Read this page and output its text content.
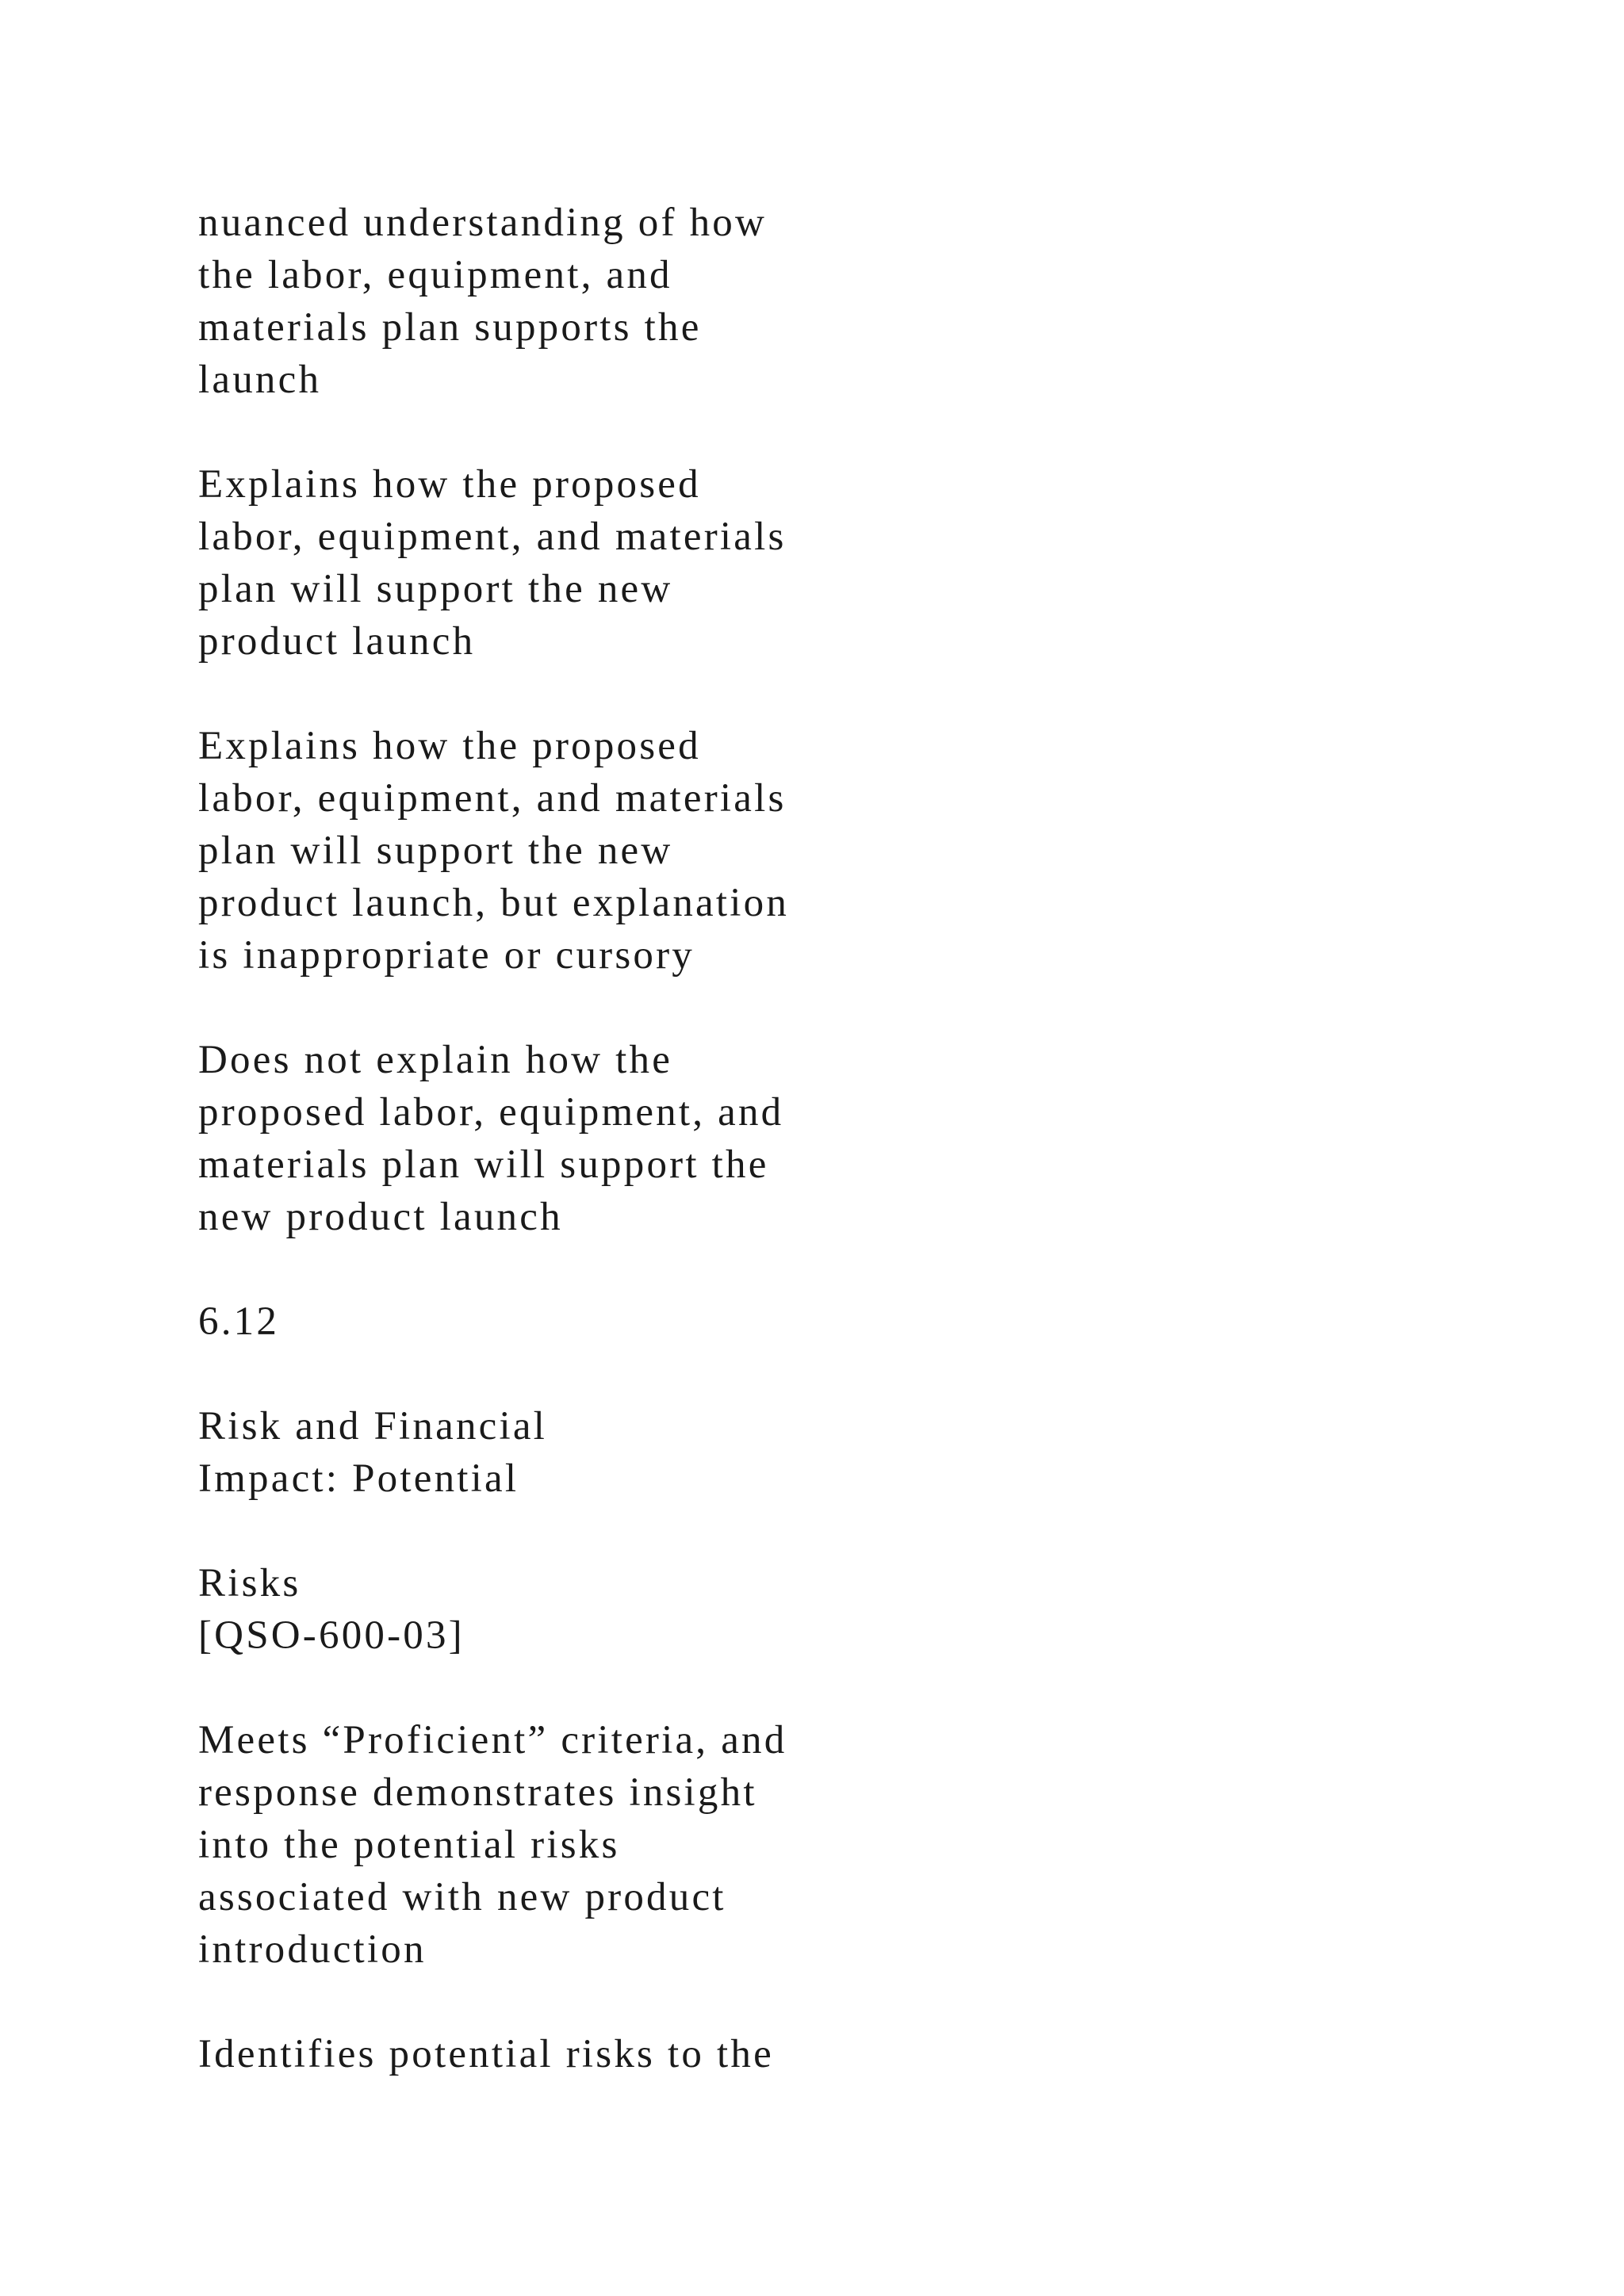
nuanced understanding of how
the labor, equipment, and
materials plan supports the
launch
Explains how the proposed
labor, equipment, and materials
plan will support the new
product launch
Explains how the proposed
labor, equipment, and materials
plan will support the new
product launch, but explanation
is inappropriate or cursory
Does not explain how the
proposed labor, equipment, and
materials plan will support the
new product launch
6.12
Risk and Financial
Impact: Potential
Risks
[QSO-600-03]
Meets “Proficient” criteria, and
response demonstrates insight
into the potential risks
associated with new product
introduction
Identifies potential risks to the
